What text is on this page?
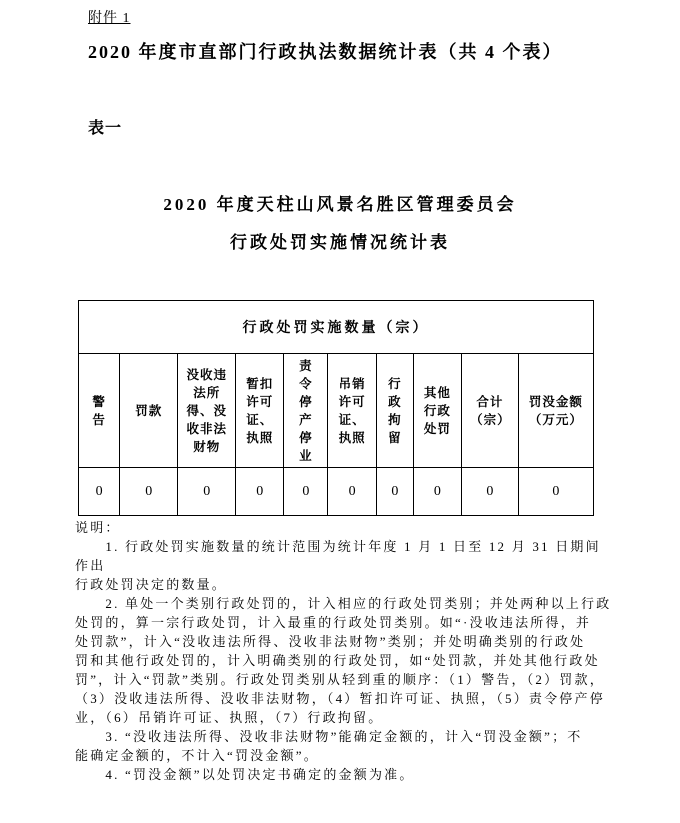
附件 1
2020 年度市直部门行政执法数据统计表（共 4 个表）
表一
2020 年度天柱山风景名胜区管理委员会
行政处罚实施情况统计表
行政处罚实施数量（宗）									
警告	罚款	没收违法所得、没收非法财物	暂扣许可证、执照	责令停产停业	吊销许可证、执照	行政拘留	其他行政处罚	合计（宗）	罚没金额（万元）
0	0	0	0	0	0	0	0	0	0
说明：
　　1. 行政处罚实施数量的统计范围为统计年度 1 月 1 日至 12 月 31 日期间作出
行政处罚决定的数量。
　　2. 单处一个类别行政处罚的，计入相应的行政处罚类别；并处两种以上行政
处罚的，算一宗行政处罚，计入最重的行政处罚类别。如“·没收违法所得，并
处罚款”，计入“没收违法所得、没收非法财物”类别；并处明确类别的行政处
罚和其他行政处罚的，计入明确类别的行政处罚，如“处罚款，并处其他行政处
罚”，计入“罚款”类别。行政处罚类别从轻到重的顺序：（1）警告，（2）罚款，
（3）没收违法所得、没收非法财物，（4）暂扣许可证、执照，（5）责令停产停
业，（6）吊销许可证、执照，（7）行政拘留。
　　3. “没收违法所得、没收非法财物”能确定金额的，计入“罚没金额”；不
能确定金额的，不计入“罚没金额”。
　　4. “罚没金额”以处罚决定书确定的金额为准。
